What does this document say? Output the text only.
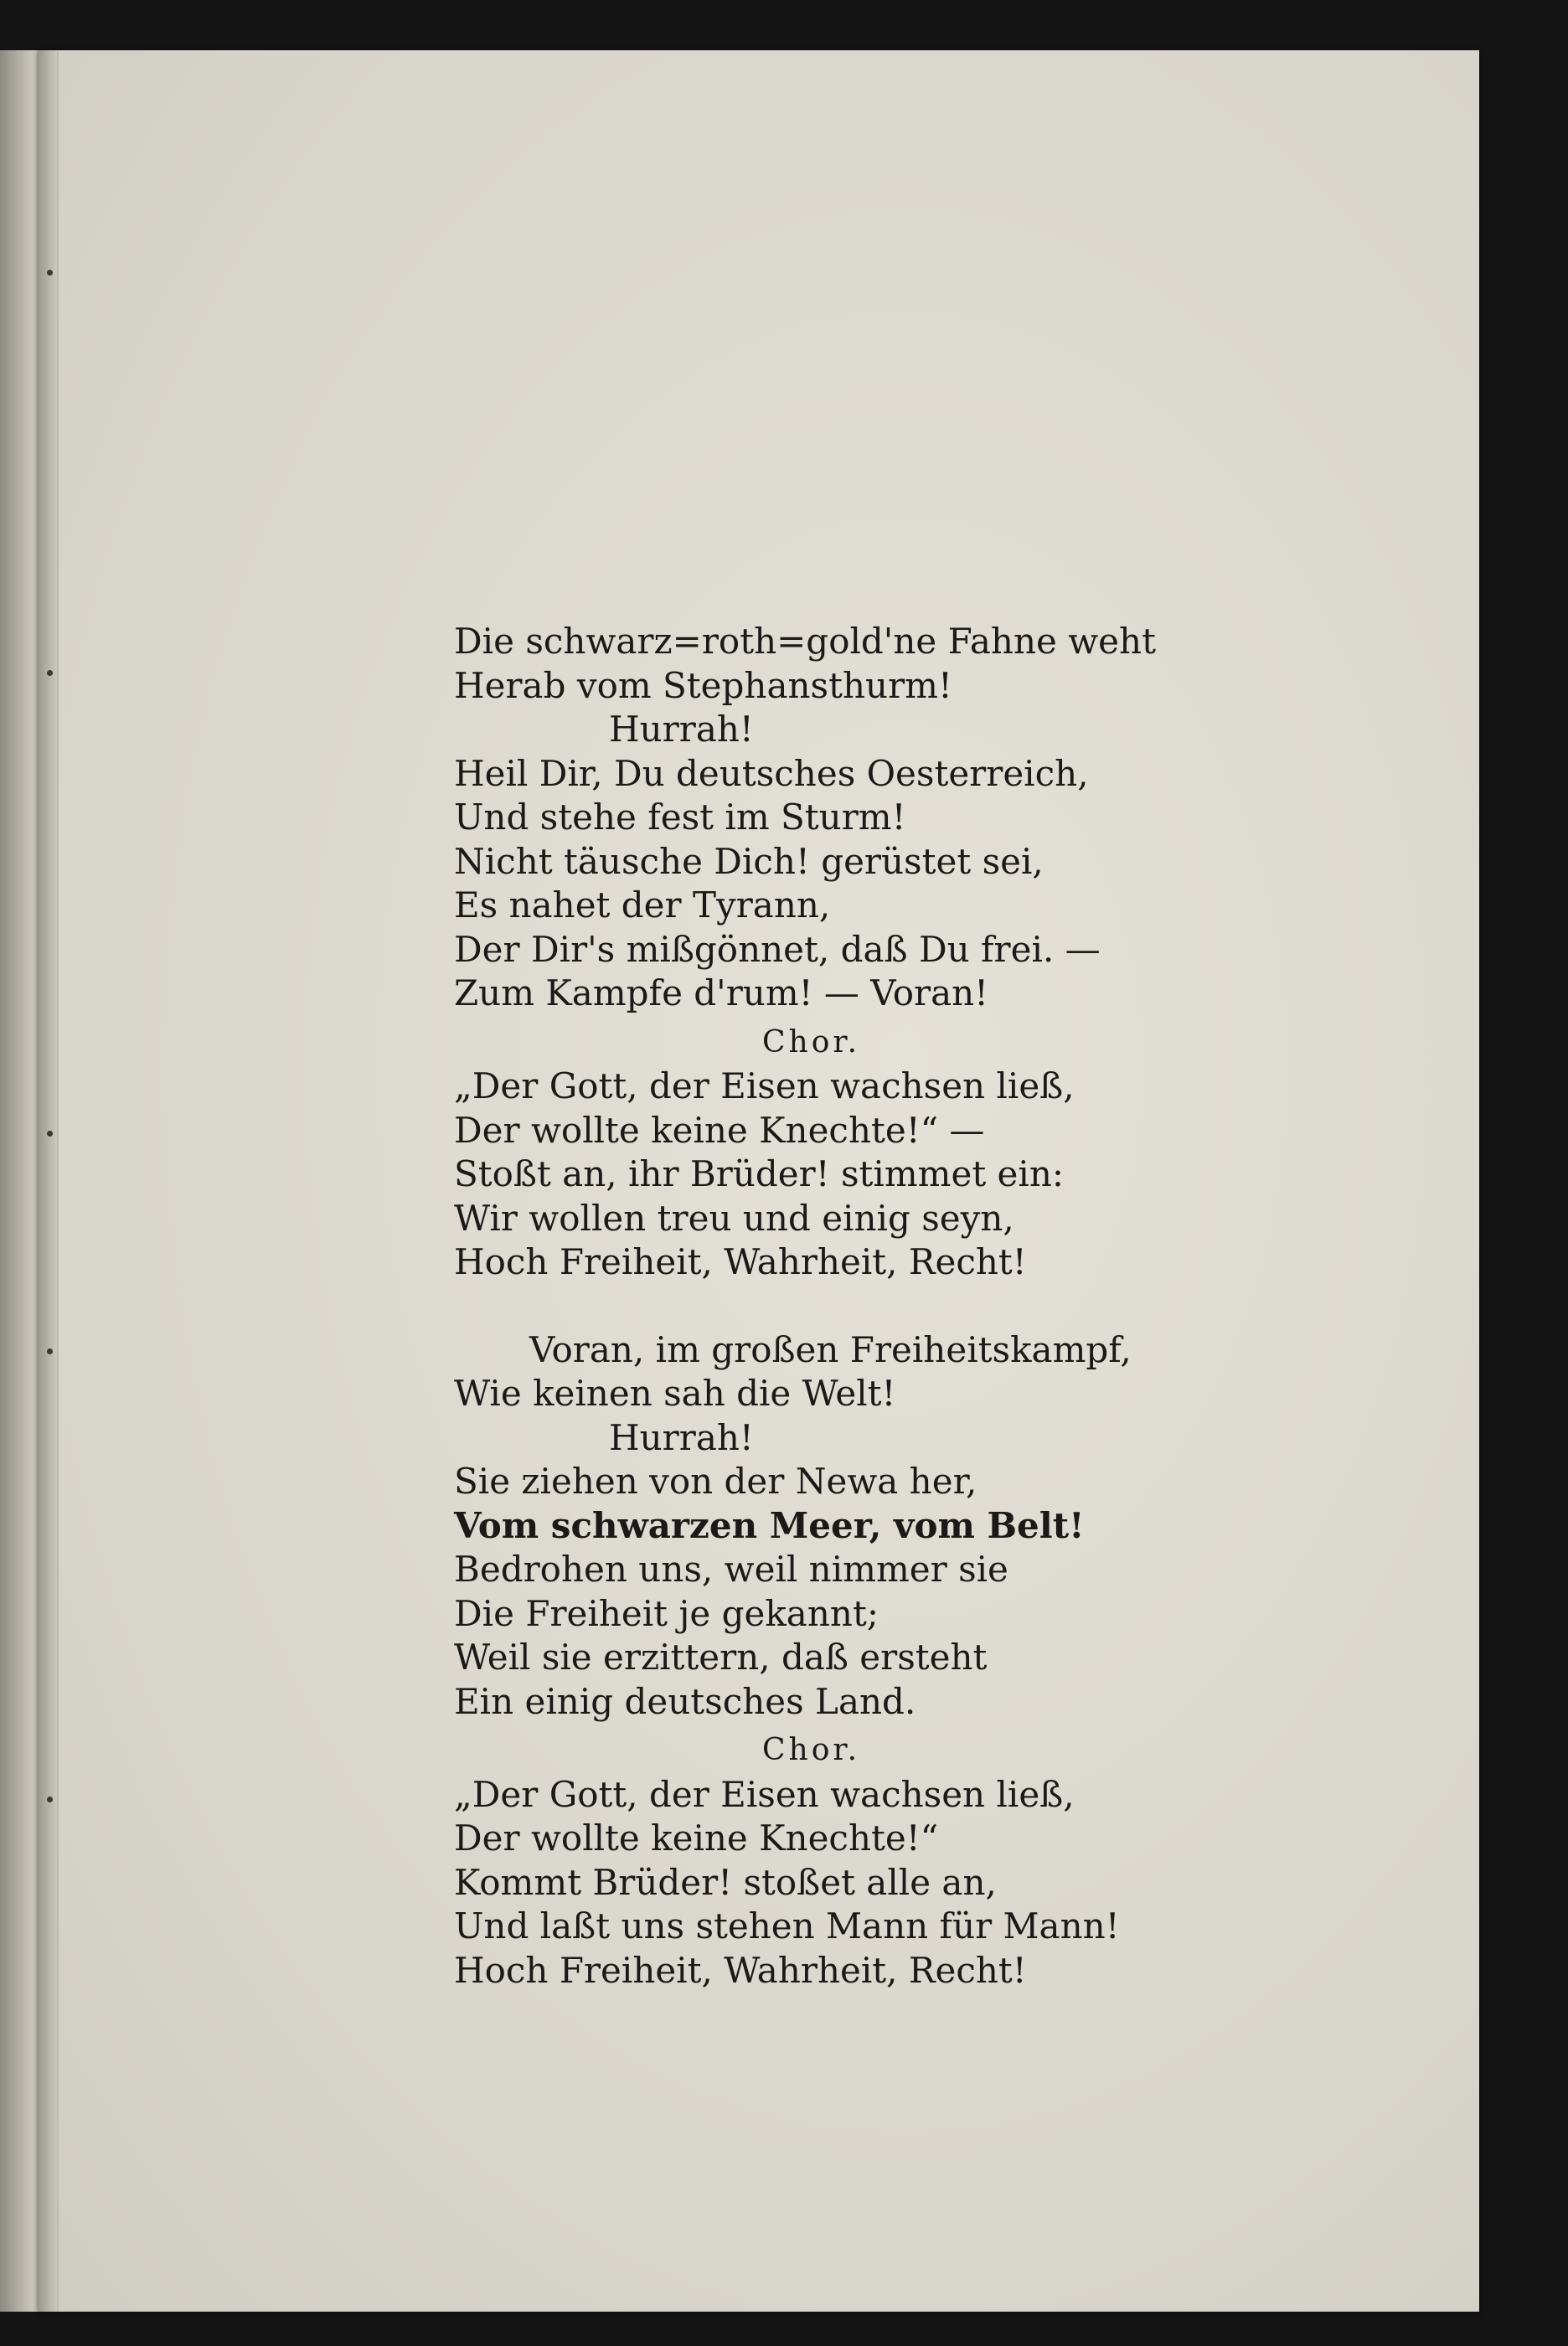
Die schwarz=roth=gold'ne Fahne weht
Herab vom Stephansthurm!
Hurrah!
Heil Dir, Du deutsches Oesterreich,
Und stehe fest im Sturm!
Nicht täusche Dich! gerüstet sei,
Es nahet der Tyrann,
Der Dir's mißgönnet, daß Du frei. —
Zum Kampfe d'rum! — Voran!
Chor.
„Der Gott, der Eisen wachsen ließ,
Der wollte keine Knechte!“ —
Stoßt an, ihr Brüder! stimmet ein:
Wir wollen treu und einig seyn,
Hoch Freiheit, Wahrheit, Recht!
Voran, im großen Freiheitskampf,
Wie keinen sah die Welt!
Hurrah!
Sie ziehen von der Newa her,
Vom schwarzen Meer, vom Belt!
Bedrohen uns, weil nimmer sie
Die Freiheit je gekannt;
Weil sie erzittern, daß ersteht
Ein einig deutsches Land.
Chor.
„Der Gott, der Eisen wachsen ließ,
Der wollte keine Knechte!“
Kommt Brüder! stoßet alle an,
Und laßt uns stehen Mann für Mann!
Hoch Freiheit, Wahrheit, Recht!
